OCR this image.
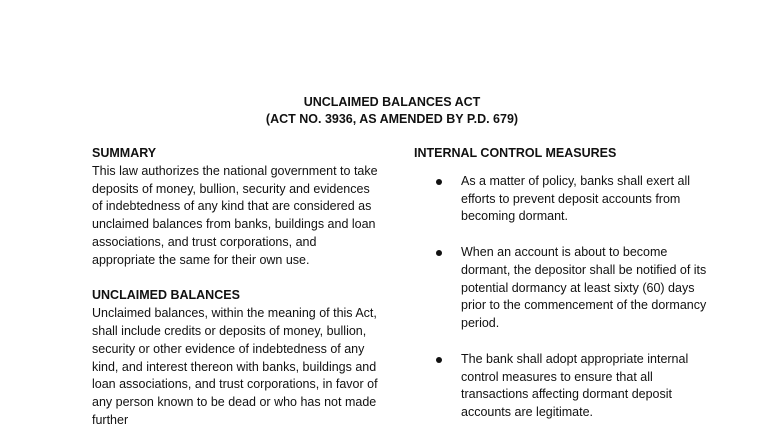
UNCLAIMED BALANCES ACT
(ACT NO. 3936, AS AMENDED BY P.D. 679)
SUMMARY

This law authorizes the national government to take deposits of money, bullion, security and evidences of indebtedness of any kind that are considered as unclaimed balances from banks, buildings and loan associations, and trust corporations, and appropriate the same for their own use.

UNCLAIMED BALANCES

Unclaimed balances, within the meaning of this Act, shall include credits or deposits of money, bullion, security or other evidence of indebtedness of any kind, and interest thereon with banks, buildings and loan associations, and trust corporations, in favor of any person known to be dead or who has not made further

INTERNAL CONTROL MEASURES
As a matter of policy, banks shall exert all efforts to prevent deposit accounts from becoming dormant.
When an account is about to become dormant, the depositor shall be notified of its potential dormancy at least sixty (60) days prior to the commencement of the dormancy period.
The bank shall adopt appropriate internal control measures to ensure that all transactions affecting dormant deposit accounts are legitimate.
